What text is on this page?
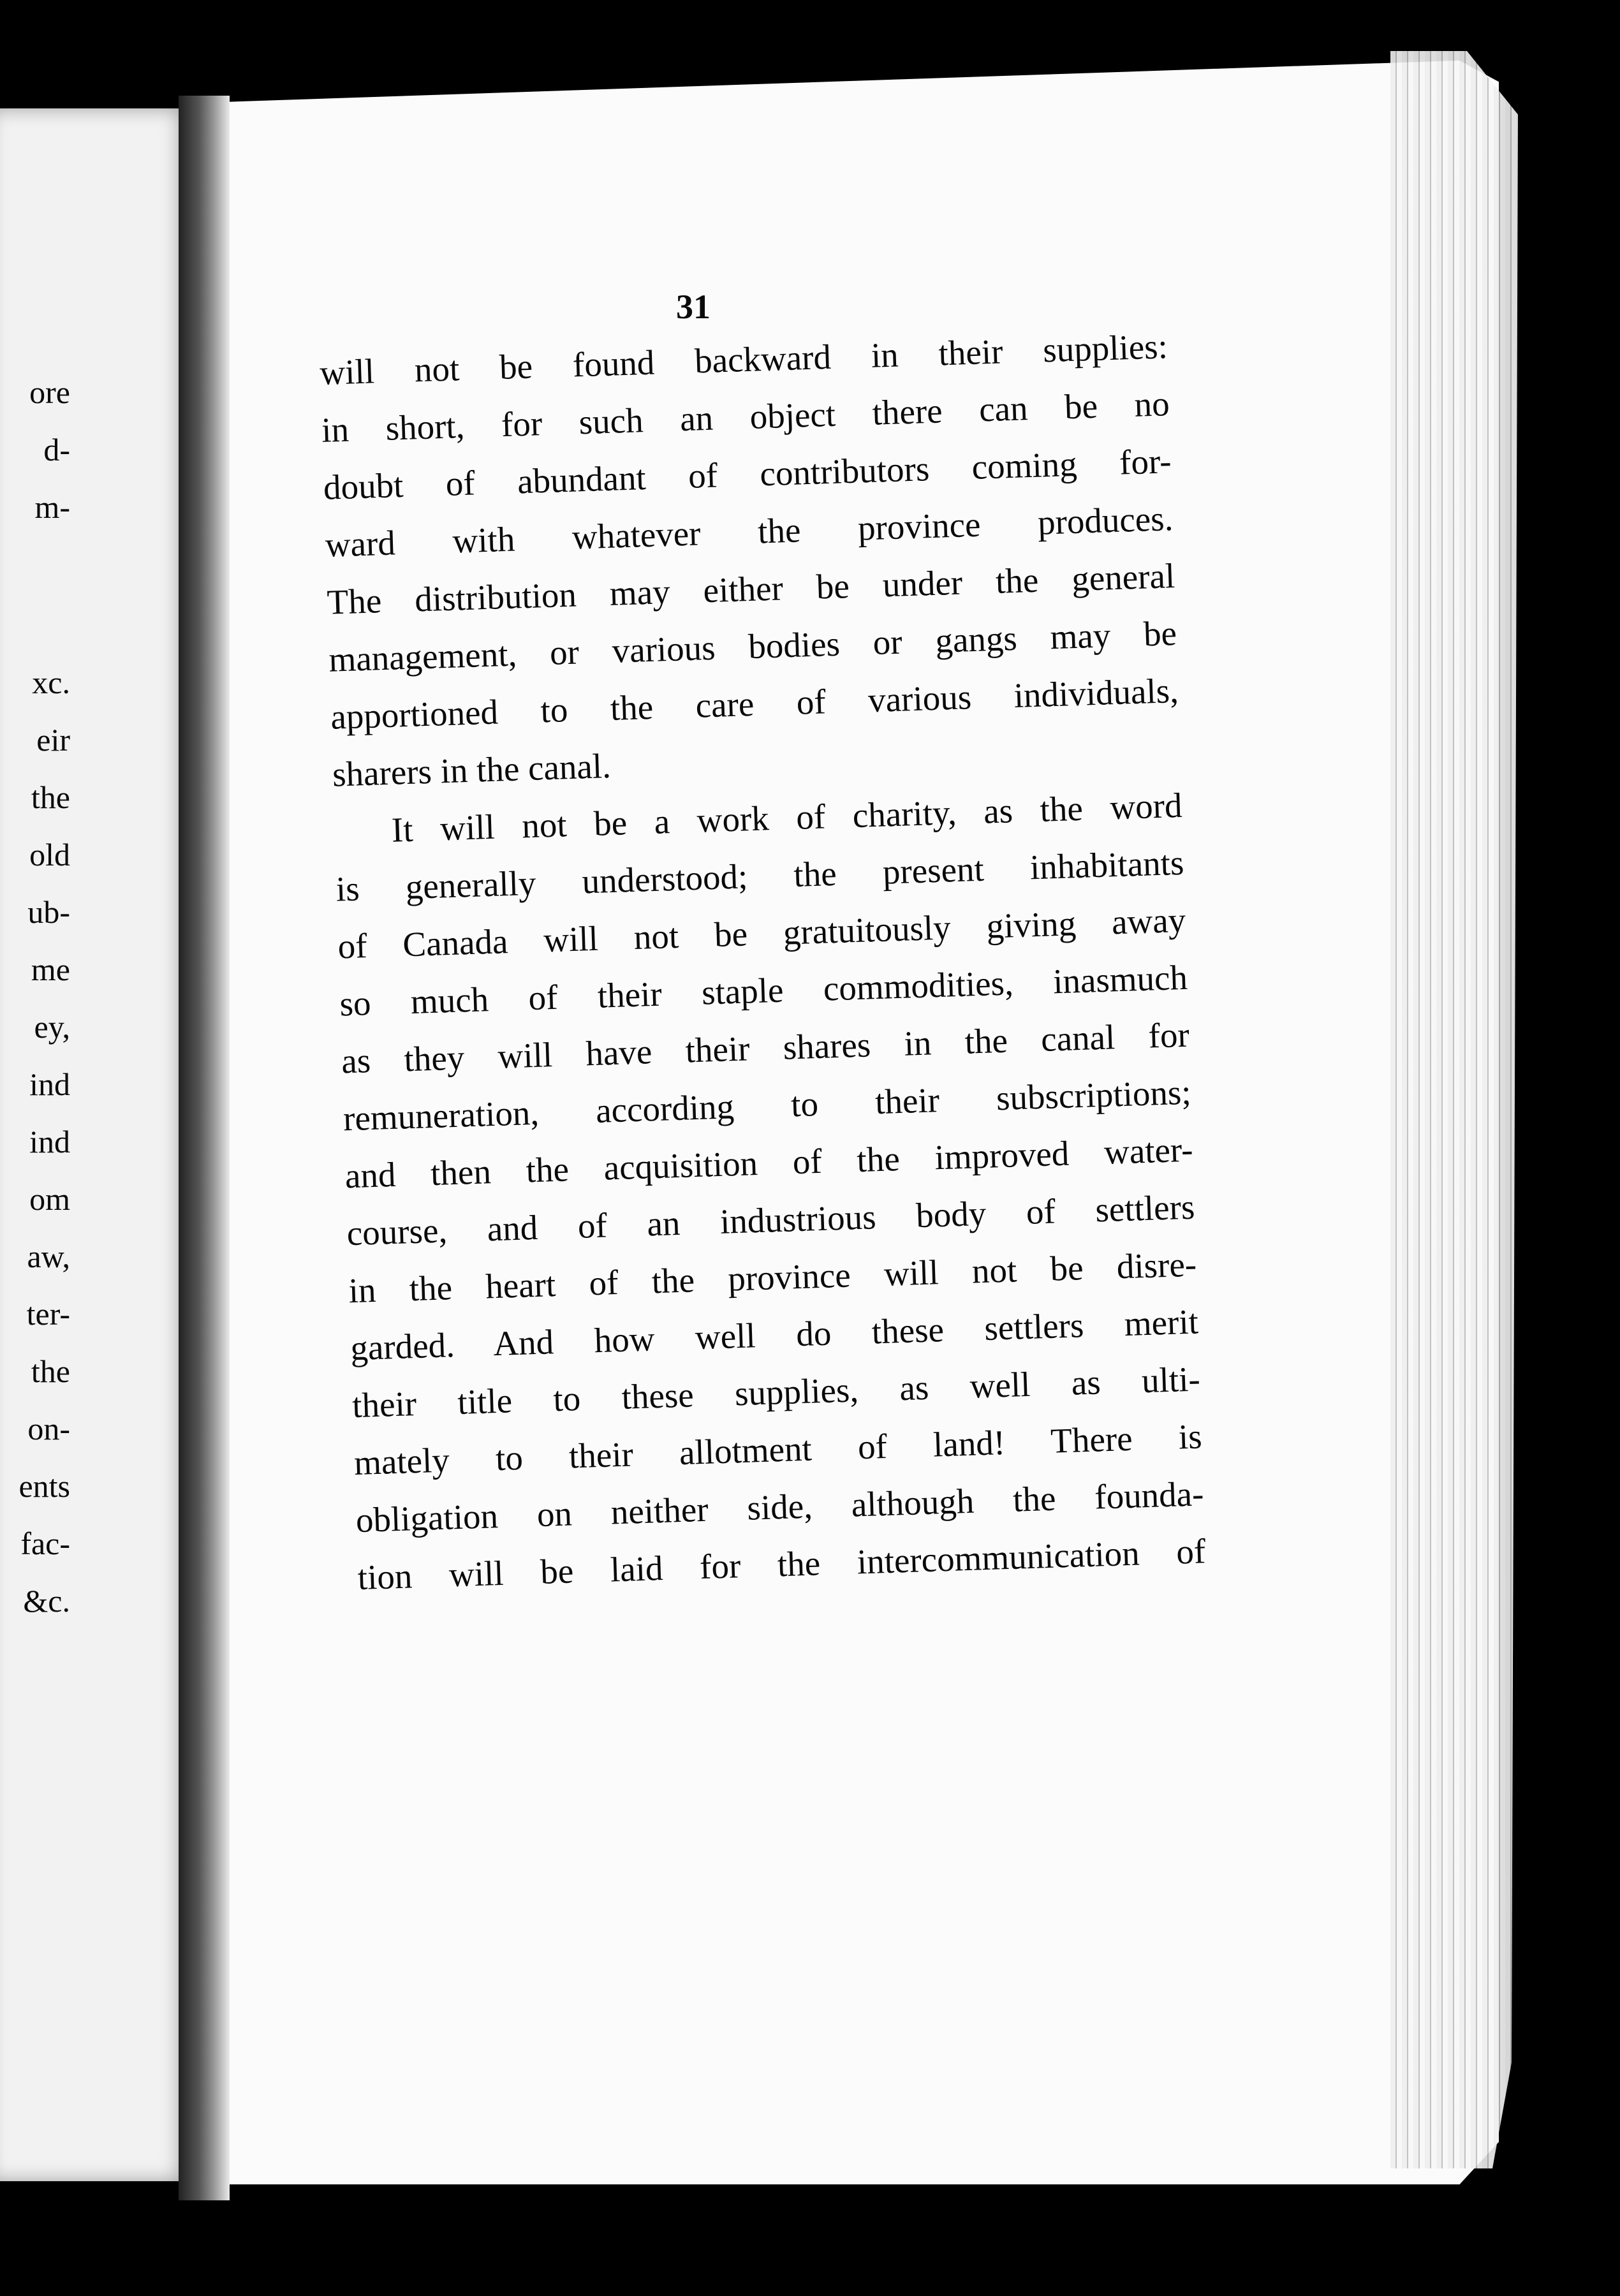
ore
d-
m-
xc.
eir
the
old
ub-
me
ey,
ind
ind
om
aw,
ter-
the
on-
ents
fac-
&c.
31
will not be found backward in their supplies:
in short, for such an object there can be no
doubt of abundant of contributors coming for-
ward with whatever the province produces.
The distribution may either be under the general
management, or various bodies or gangs may be
apportioned to the care of various individuals,
sharers in the canal.
It will not be a work of charity, as the word
is generally understood; the present inhabitants
of Canada will not be gratuitously giving away
so much of their staple commodities, inasmuch
as they will have their shares in the canal for
remuneration, according to their subscriptions;
and then the acquisition of the improved water-
course, and of an industrious body of settlers
in the heart of the province will not be disre-
garded. And how well do these settlers merit
their title to these supplies, as well as ulti-
mately to their allotment of land! There is
obligation on neither side, although the founda-
tion will be laid for the intercommunication of
